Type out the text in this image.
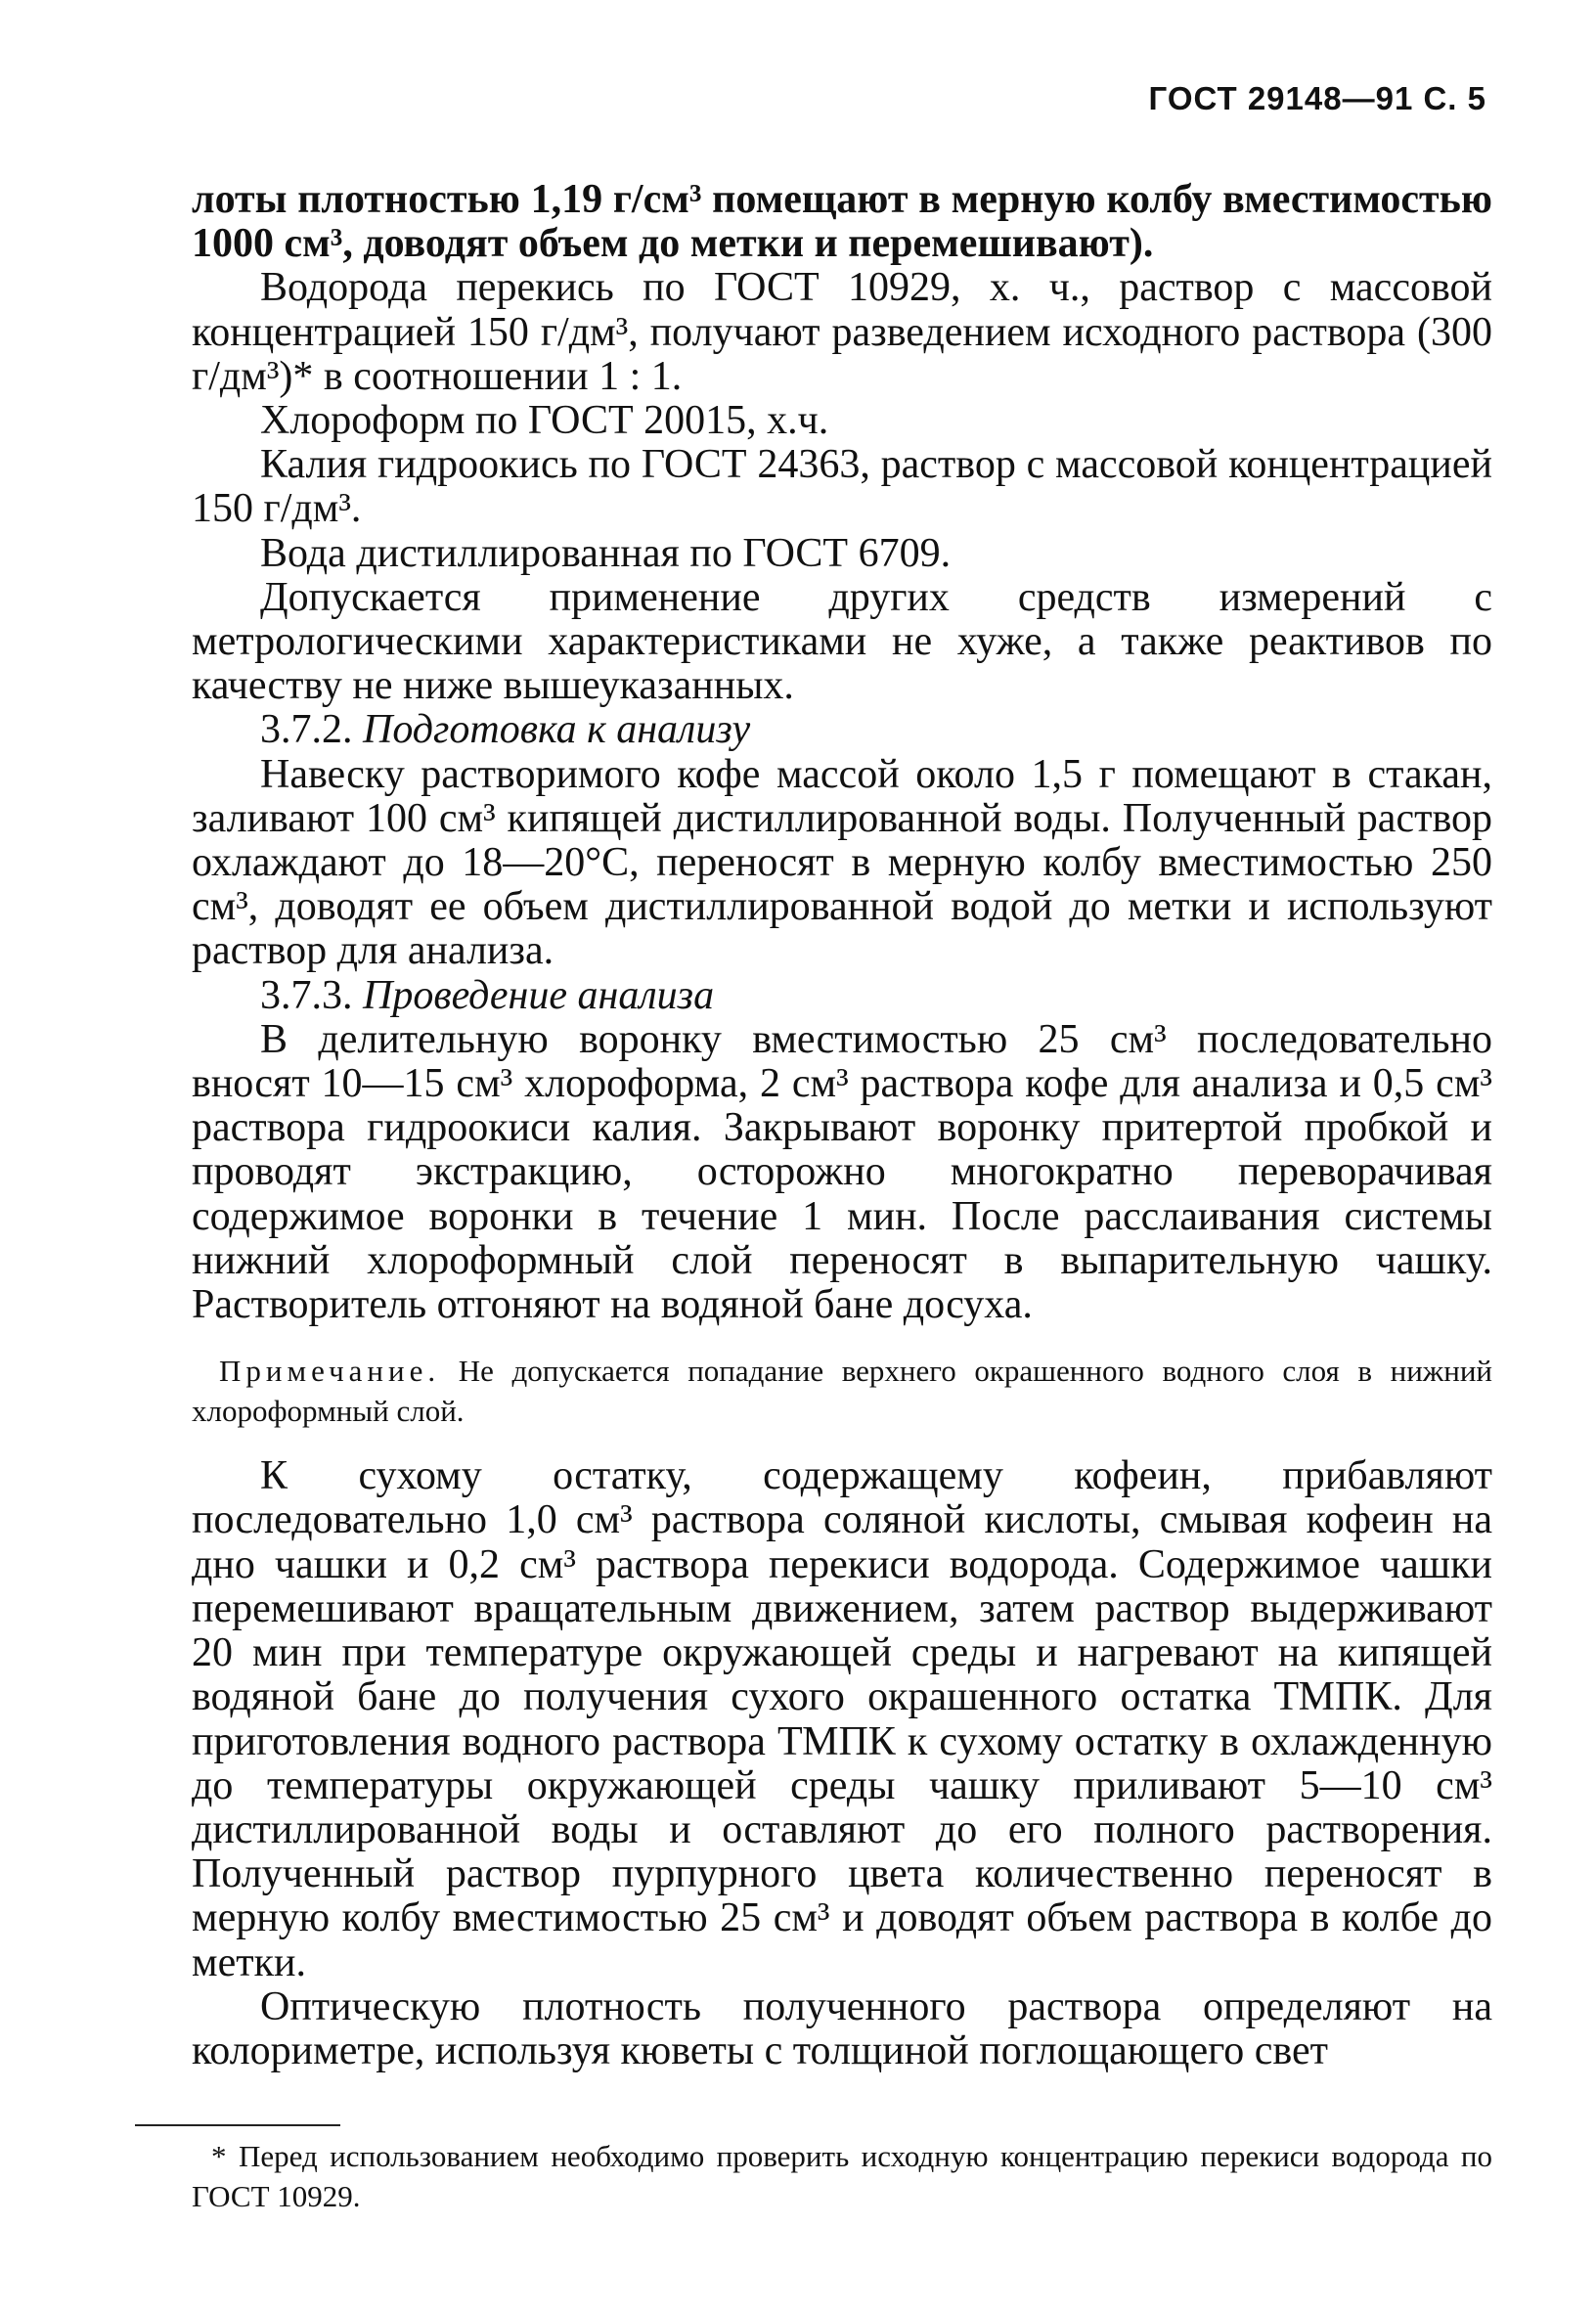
ГОСТ 29148—91 С. 5

лоты плотностью 1,19 г/см³ помещают в мерную колбу вместимостью 1000 см³, доводят объем до метки и перемешивают).

Водорода перекись по ГОСТ 10929, х. ч., раствор с массовой концентрацией 150 г/дм³, получают разведением исходного раствора (300 г/дм³)* в соотношении 1 : 1.

Хлороформ по ГОСТ 20015, х.ч.

Калия гидроокись по ГОСТ 24363, раствор с массовой концентрацией 150 г/дм³.

Вода дистиллированная по ГОСТ 6709.

Допускается применение других средств измерений с метрологическими характеристиками не хуже, а также реактивов по качеству не ниже вышеуказанных.

3.7.2. Подготовка к анализу

Навеску растворимого кофе массой около 1,5 г помещают в стакан, заливают 100 см³ кипящей дистиллированной воды. Полученный раствор охлаждают до 18—20°С, переносят в мерную колбу вместимостью 250 см³, доводят ее объем дистиллированной водой до метки и используют раствор для анализа.

3.7.3. Проведение анализа

В делительную воронку вместимостью 25 см³ последовательно вносят 10—15 см³ хлороформа, 2 см³ раствора кофе для анализа и 0,5 см³ раствора гидроокиси калия. Закрывают воронку притертой пробкой и проводят экстракцию, осторожно многократно переворачивая содержимое воронки в течение 1 мин. После расслаивания системы нижний хлороформный слой переносят в выпарительную чашку. Растворитель отгоняют на водяной бане досуха.

Примечание. Не допускается попадание верхнего окрашенного водного слоя в нижний хлороформный слой.

К сухому остатку, содержащему кофеин, прибавляют последовательно 1,0 см³ раствора соляной кислоты, смывая кофеин на дно чашки и 0,2 см³ раствора перекиси водорода. Содержимое чашки перемешивают вращательным движением, затем раствор выдерживают 20 мин при температуре окружающей среды и нагревают на кипящей водяной бане до получения сухого окрашенного остатка ТМПК. Для приготовления водного раствора ТМПК к сухому остатку в охлажденную до температуры окружающей среды чашку приливают 5—10 см³ дистиллированной воды и оставляют до его полного растворения. Полученный раствор пурпурного цвета количественно переносят в мерную колбу вместимостью 25 см³ и доводят объем раствора в колбе до метки.

Оптическую плотность полученного раствора определяют на колориметре, используя кюветы с толщиной поглощающего свет

* Перед использованием необходимо проверить исходную концентрацию перекиси водорода по ГОСТ 10929.
